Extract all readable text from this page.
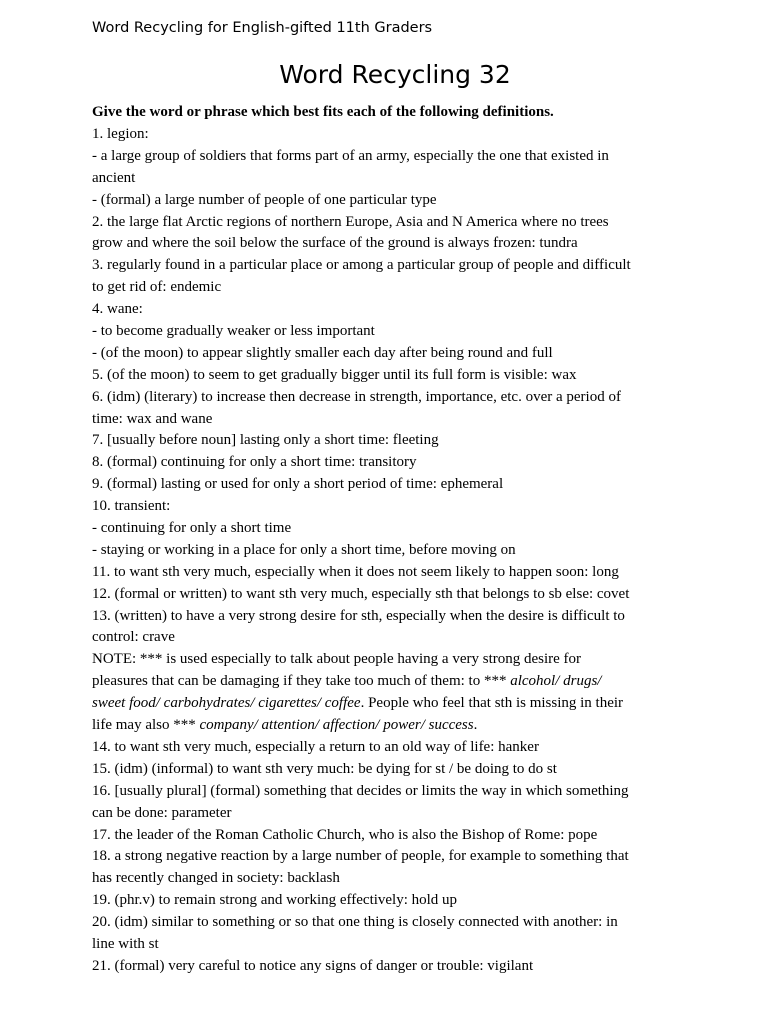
Word Recycling for English-gifted 11th Graders
Word Recycling 32
Give the word or phrase which best fits each of the following definitions.
1. legion:
- a large group of soldiers that forms part of an army, especially the one that existed in
ancient
- (formal) a large number of people of one particular type
2. the large flat Arctic regions of northern Europe, Asia and N America where no trees
grow and where the soil below the surface of the ground is always frozen: tundra
3. regularly found in a particular place or among a particular group of people and difficult
to get rid of: endemic
4. wane:
- to become gradually weaker or less important
- (of the moon) to appear slightly smaller each day after being round and full
5. (of the moon) to seem to get gradually bigger until its full form is visible: wax
6. (idm) (literary) to increase then decrease in strength, importance, etc. over a period of
time: wax and wane
7. [usually before noun] lasting only a short time: fleeting
8. (formal) continuing for only a short time: transitory
9. (formal) lasting or used for only a short period of time: ephemeral
10. transient:
- continuing for only a short time
- staying or working in a place for only a short time, before moving on
11. to want sth very much, especially when it does not seem likely to happen soon: long
12. (formal or written) to want sth very much, especially sth that belongs to sb else: covet
13. (written) to have a very strong desire for sth, especially when the desire is difficult to
control: crave
NOTE: *** is used especially to talk about people having a very strong desire for
pleasures that can be damaging if they take too much of them: to *** alcohol/ drugs/
sweet food/ carbohydrates/ cigarettes/ coffee. People who feel that sth is missing in their
life may also *** company/ attention/ affection/ power/ success.
14. to want sth very much, especially a return to an old way of life: hanker
15. (idm) (informal) to want sth very much: be dying for st / be doing to do st
16. [usually plural] (formal) something that decides or limits the way in which something
can be done: parameter
17. the leader of the Roman Catholic Church, who is also the Bishop of Rome: pope
18. a strong negative reaction by a large number of people, for example to something that
has recently changed in society: backlash
19. (phr.v) to remain strong and working effectively: hold up
20. (idm) similar to something or so that one thing is closely connected with another: in
line with st
21. (formal) very careful to notice any signs of danger or trouble: vigilant
